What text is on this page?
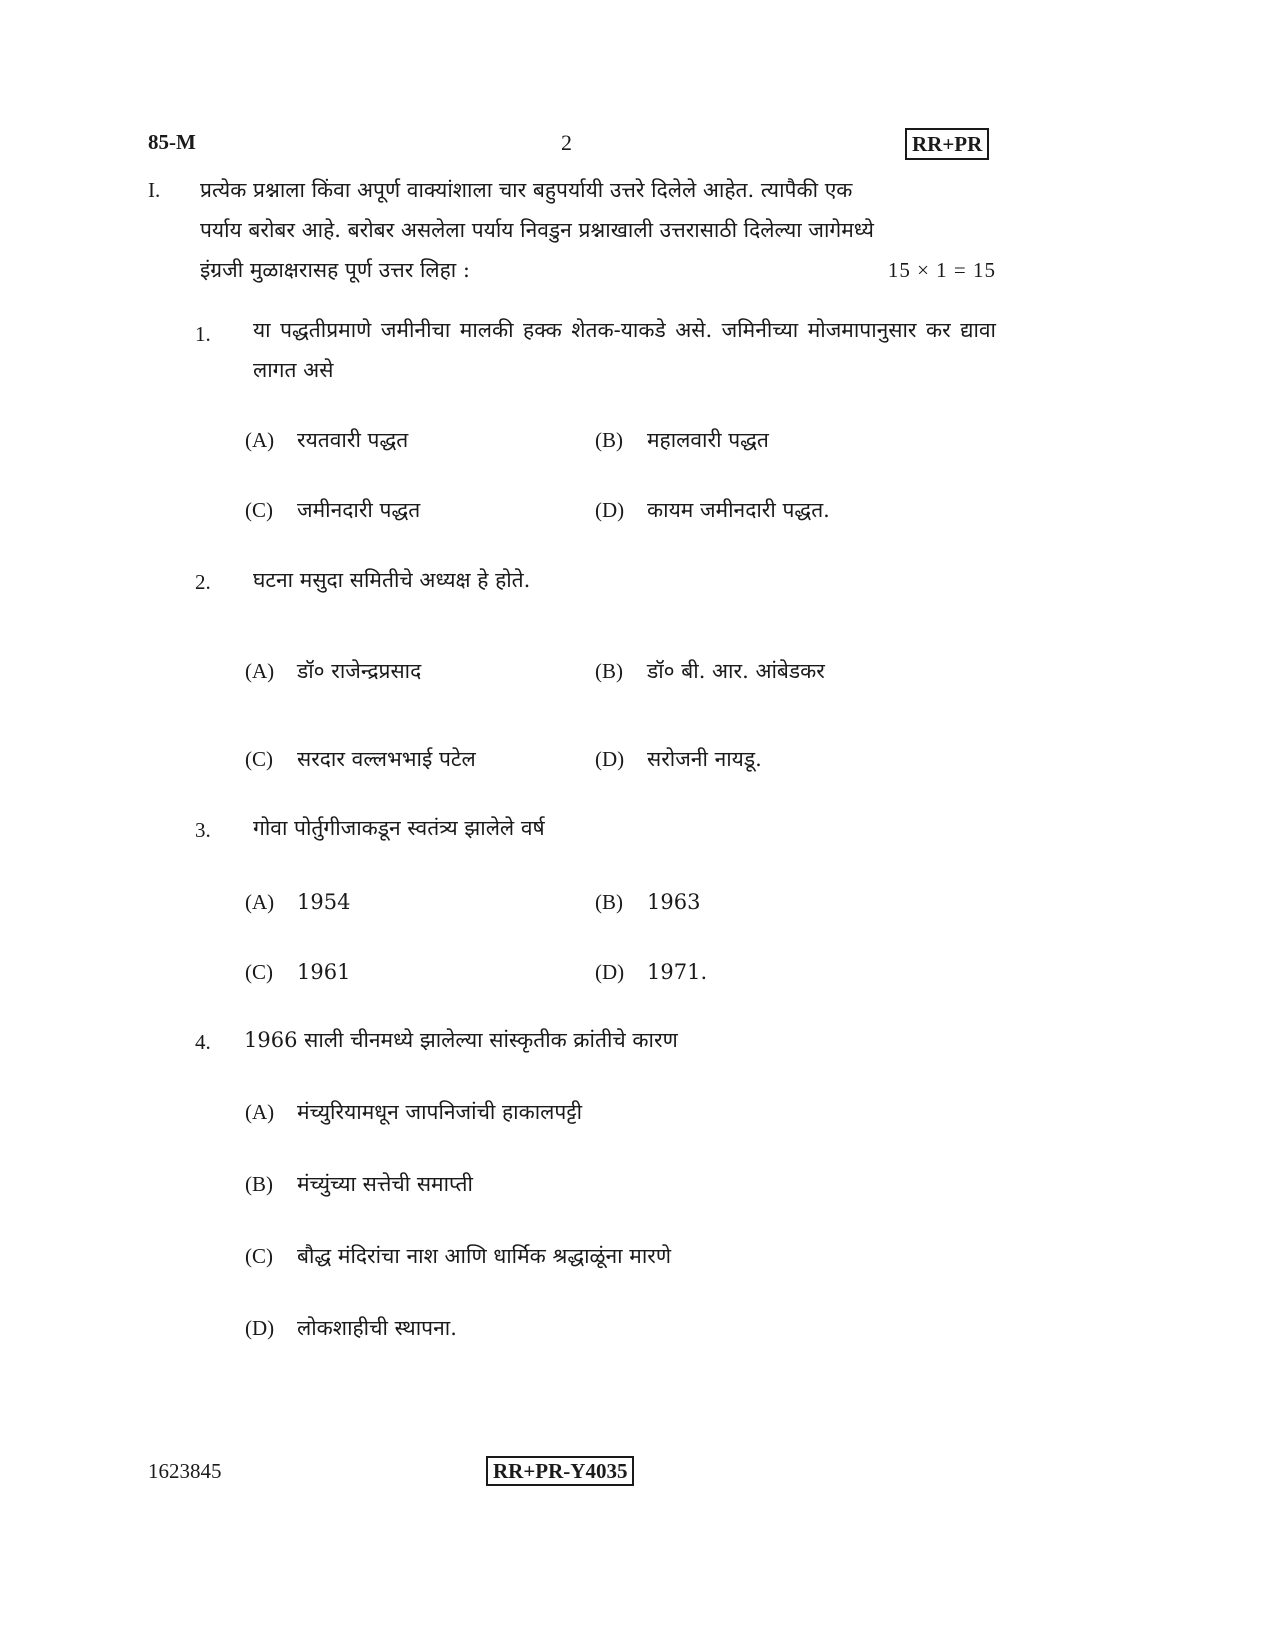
85-M	2	RR+PR
I. प्रत्येक प्रश्नाला किंवा अपूर्ण वाक्यांशाला चार बहुपर्यायी उत्तरे दिलेले आहेत. त्यापैकी एक
पर्याय बरोबर आहे. बरोबर असलेला पर्याय निवडुन प्रश्नाखाली उत्तरासाठी दिलेल्या जागेमध्ये
इंग्रजी मुळाक्षरासह पूर्ण उत्तर लिहा :	15 × 1 = 15
1. या पद्धतीप्रमाणे जमीनीचा मालकी हक्क शेतक-याकडे असे. जमिनीच्या मोजमापानुसार कर द्यावा लागत असे
(A)	रयतवारी पद्धत	(B)	महालवारी पद्धत
(C)	जमीनदारी पद्धत	(D)	कायम जमीनदारी पद्धत.
2. घटना मसुदा समितीचे अध्यक्ष हे होते.
(A)	डॉ० राजेन्द्रप्रसाद	(B)	डॉ० बी. आर. आंबेडकर
(C)	सरदार वल्लभभाई पटेल	(D)	सरोजनी नायडू.
3. गोवा पोर्तुगीजाकडून स्वतंत्र्य झालेले वर्ष
(A)	1954	(B)	1963
(C)	1961	(D)	1971.
4. 1966 साली चीनमध्ये झालेल्या सांस्कृतीक क्रांतीचे कारण
(A)	मंच्युरियामधून जापनिजांची हाकालपट्टी
(B)	मंच्युंच्या सत्तेची समाप्ती
(C)	बौद्ध मंदिरांचा नाश आणि धार्मिक श्रद्धाळूंना मारणे
(D)	लोकशाहीची स्थापना.
1623845	RR+PR-Y4035
